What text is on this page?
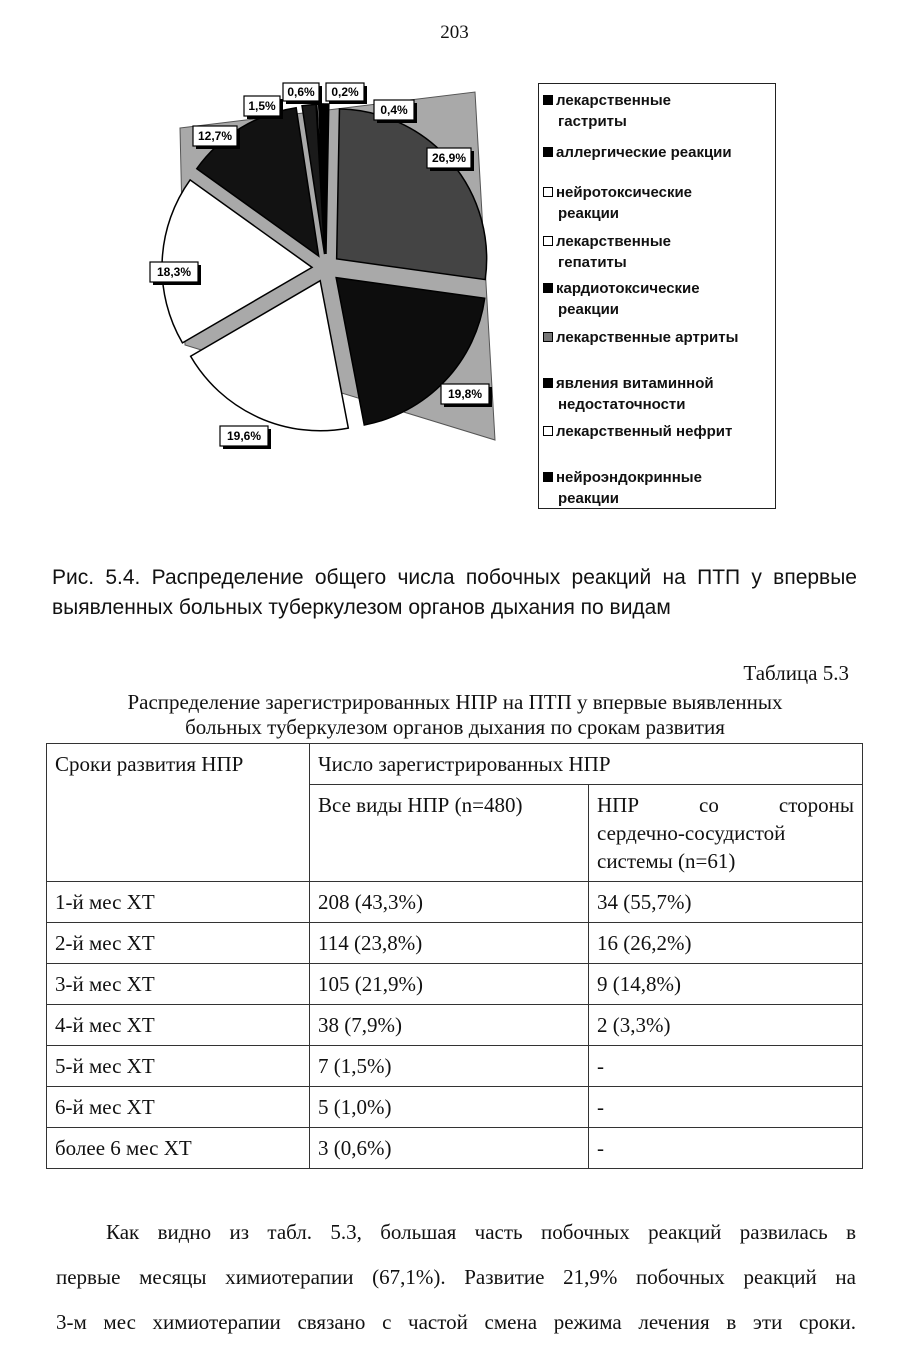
203
0,6%
26,9%
19,8%
19,6%
18,3%
12,7%
1,5%
0,2%
0,4%
лекарственные
гастриты
аллергические реакции
нейротоксические
реакции
лекарственные
гепатиты
кардиотоксические
реакции
лекарственные артриты
явления витаминной
недостаточности
лекарственный нефрит
нейроэндокринные
реакции
Рис. 5.4. Распределение общего числа побочных реакций на ПТП у впервые
выявленных больных туберкулезом органов дыхания по видам
Таблица 5.3
Распределение зарегистрированных НПР на ПТП у впервые выявленных
больных туберкулезом органов дыхания по срокам развития
Сроки развития НПР	Число зарегистрированных НПР	
	Все виды НПР (n=480)	НПР со стороны
сердечно-сосудистой
системы (n=61)

1-й мес ХТ	208 (43,3%)	34 (55,7%)
2-й мес ХТ	114 (23,8%)	16 (26,2%)
3-й мес ХТ	105 (21,9%)	9 (14,8%)
4-й мес ХТ	38 (7,9%)	2 (3,3%)
5-й мес ХТ	7 (1,5%)	-
6-й мес ХТ	5 (1,0%)	-
более 6 мес ХТ	3 (0,6%)	-
Как видно из табл. 5.3, большая часть побочных реакций развилась в
первые месяцы химиотерапии (67,1%). Развитие 21,9% побочных реакций на
3-м мес химиотерапии связано с частой смена режима лечения в эти сроки.
